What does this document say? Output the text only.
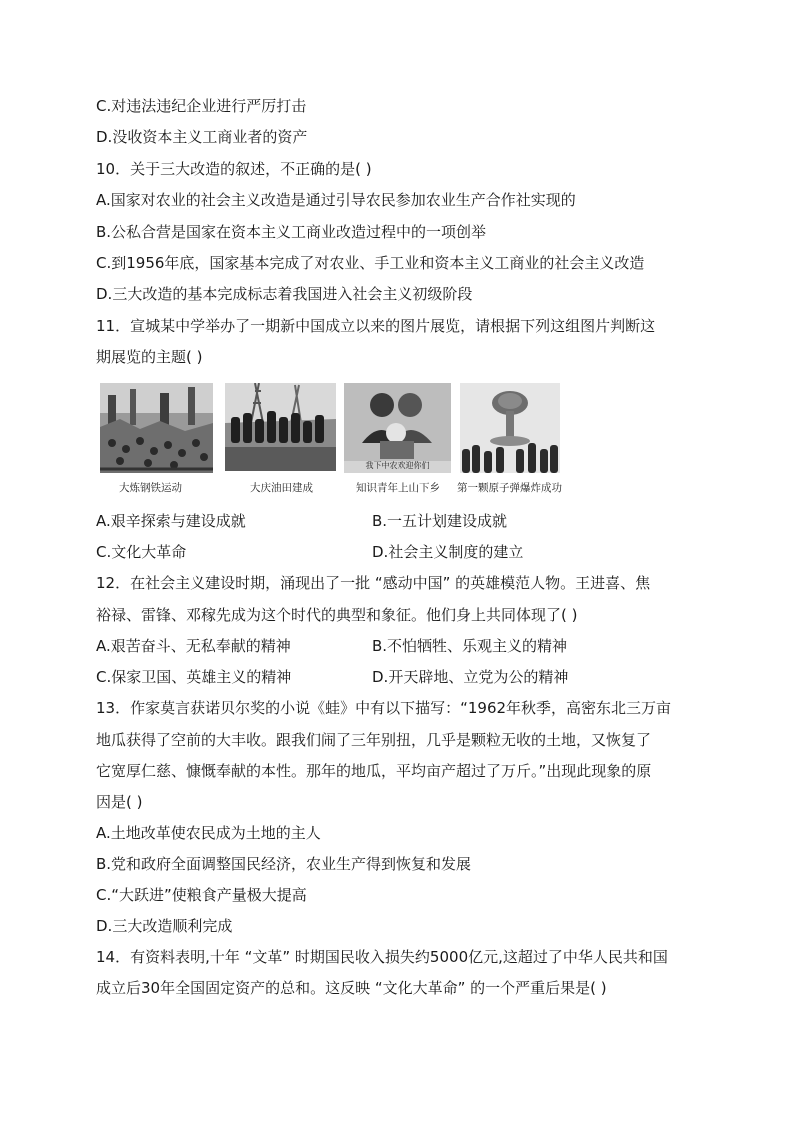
C.对违法违纪企业进行严厉打击
D.没收资本主义工商业者的资产
10．关于三大改造的叙述，不正确的是( )
A.国家对农业的社会主义改造是通过引导农民参加农业生产合作社实现的
B.公私合营是国家在资本主义工商业改造过程中的一项创举
C.到1956年底，国家基本完成了对农业、手工业和资本主义工商业的社会主义改造
D.三大改造的基本完成标志着我国进入社会主义初级阶段
11．宣城某中学举办了一期新中国成立以来的图片展览，请根据下列这组图片判断这
期展览的主题( )
我下中农欢迎你们
大炼钢铁运动	大庆油田建成	知识青年上山下乡 第一颗原子弹爆炸成功
A.艰辛探索与建设成就	B.一五计划建设成就
C.文化大革命	D.社会主义制度的建立
12．在社会主义建设时期，涌现出了一批 “感动中国” 的英雄模范人物。王进喜、焦
裕禄、雷锋、邓稼先成为这个时代的典型和象征。他们身上共同体现了( )
A.艰苦奋斗、无私奉献的精神	B.不怕牺牲、乐观主义的精神
C.保家卫国、英雄主义的精神	D.开天辟地、立党为公的精神
13．作家莫言获诺贝尔奖的小说《蛙》中有以下描写：“1962年秋季，高密东北三万亩
地瓜获得了空前的大丰收。跟我们闹了三年别扭，几乎是颗粒无收的土地，又恢复了
它宽厚仁慈、慷慨奉献的本性。那年的地瓜，平均亩产超过了万斤。”出现此现象的原
因是( )
A.土地改革使农民成为土地的主人
B.党和政府全面调整国民经济，农业生产得到恢复和发展
C.“大跃进”使粮食产量极大提高
D.三大改造顺利完成
14．有资料表明,十年 “文革” 时期国民收入损失约5000亿元,这超过了中华人民共和国
成立后30年全国固定资产的总和。这反映 “文化大革命” 的一个严重后果是( )
